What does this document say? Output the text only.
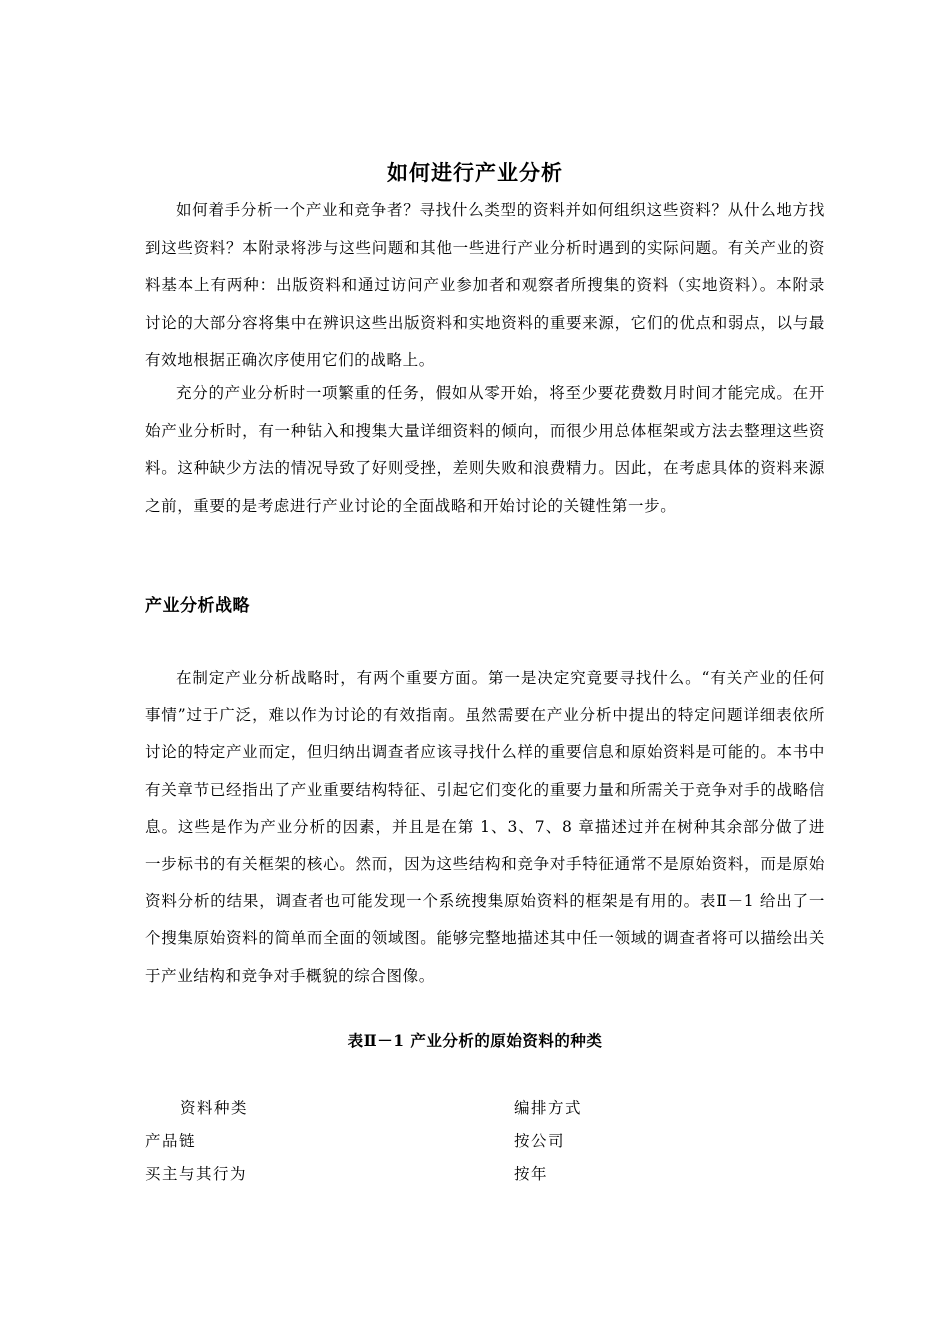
如何进行产业分析

如何着手分析一个产业和竞争者？寻找什么类型的资料并如何组织这些资料？从什么地方找到这些资料？本附录将涉与这些问题和其他一些进行产业分析时遇到的实际问题。有关产业的资料基本上有两种：出版资料和通过访问产业参加者和观察者所搜集的资料（实地资料）。本附录讨论的大部分容将集中在辨识这些出版资料和实地资料的重要来源，它们的优点和弱点，以与最有效地根据正确次序使用它们的战略上。

充分的产业分析时一项繁重的任务，假如从零开始，将至少要花费数月时间才能完成。在开始产业分析时，有一种钻入和搜集大量详细资料的倾向，而很少用总体框架或方法去整理这些资料。这种缺少方法的情况导致了好则受挫，差则失败和浪费精力。因此，在考虑具体的资料来源之前，重要的是考虑进行产业讨论的全面战略和开始讨论的关键性第一步。

产业分析战略

在制定产业分析战略时，有两个重要方面。第一是决定究竟要寻找什么。“有关产业的任何事情”过于广泛，难以作为讨论的有效指南。虽然需要在产业分析中提出的特定问题详细表依所讨论的特定产业而定，但归纳出调查者应该寻找什么样的重要信息和原始资料是可能的。本书中有关章节已经指出了产业重要结构特征、引起它们变化的重要力量和所需关于竞争对手的战略信息。这些是作为产业分析的因素，并且是在第 1、3、7、8 章描述过并在树种其余部分做了进一步标书的有关框架的核心。然而，因为这些结构和竞争对手特征通常不是原始资料，而是原始资料分析的结果，调查者也可能发现一个系统搜集原始资料的框架是有用的。表Ⅱ－1 给出了一个搜集原始资料的简单而全面的领域图。能够完整地描述其中任一领域的调查者将可以描绘出关于产业结构和竞争对手概貌的综合图像。

表Ⅱ－1 产业分析的原始资料的种类
资料种类	编排方式
产品链	按公司
买主与其行为	按年
